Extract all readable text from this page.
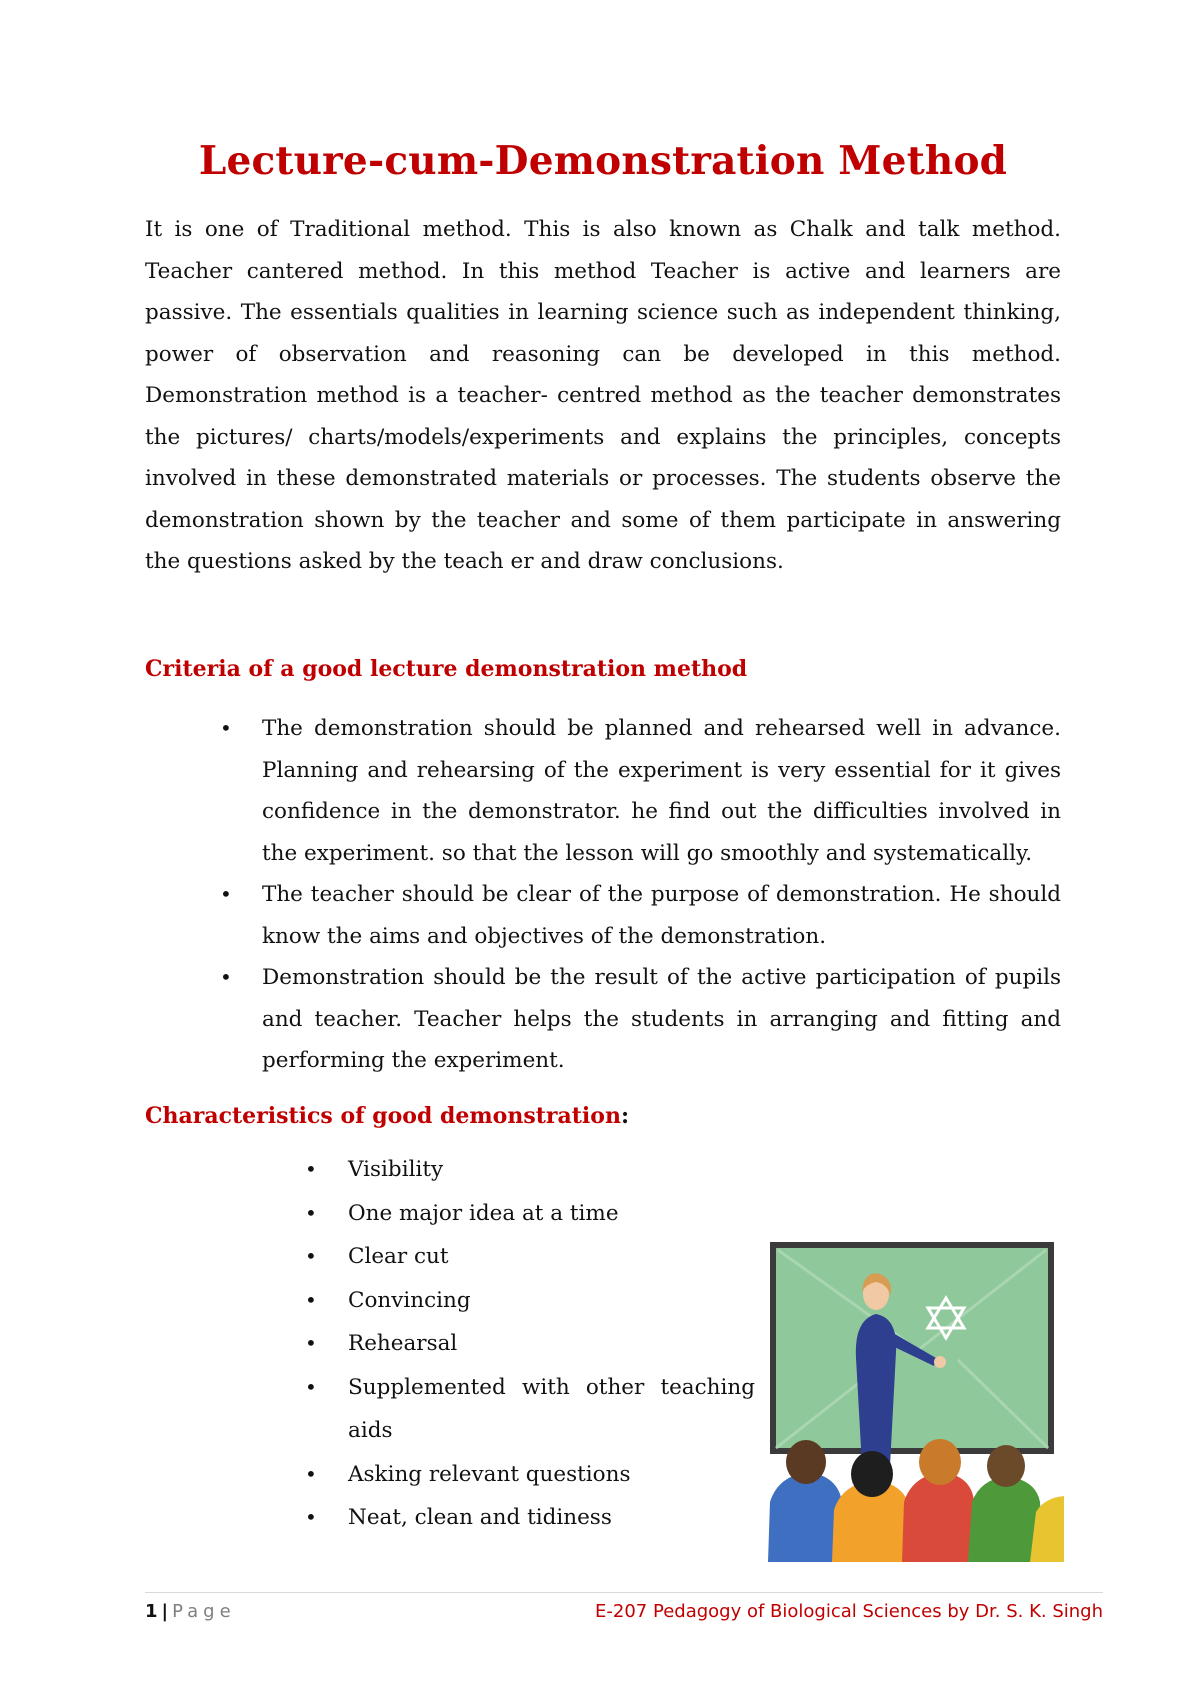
Lecture-cum-Demonstration Method

It is one of Traditional method. This is also known as Chalk and talk method. Teacher cantered method. In this method Teacher is active and learners are passive. The essentials qualities in learning science such as independent thinking, power of observation and reasoning can be developed in this method. Demonstration method is a teacher- centred method as the teacher demonstrates the pictures/ charts/models/experiments and explains the principles, concepts involved in these demonstrated materials or processes. The students observe the demonstration shown by the teacher and some of them participate in answering the questions asked by the teach er and draw conclusions.

Criteria of a good lecture demonstration method
• The demonstration should be planned and rehearsed well in advance. Planning and rehearsing of the experiment is very essential for it gives confidence in the demonstrator. he find out the difficulties involved in the experiment. so that the lesson will go smoothly and systematically.
• The teacher should be clear of the purpose of demonstration. He should know the aims and objectives of the demonstration.
• Demonstration should be the result of the active participation of pupils and teacher. Teacher helps the students in arranging and fitting and performing the experiment.
Characteristics of good demonstration:
• Visibility
• One major idea at a time
• Clear cut
• Convincing
• Rehearsal
• Supplemented with other teaching aids
• Asking relevant questions
• Neat, clean and tidiness
1 | Page	E-207 Pedagogy of Biological Sciences by Dr. S. K. Singh
